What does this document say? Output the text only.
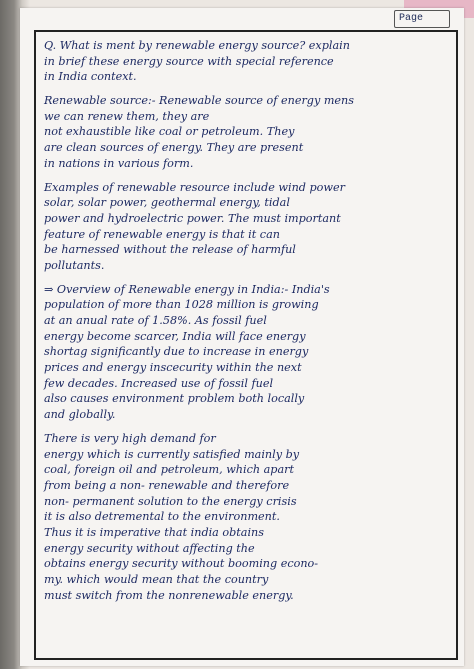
Page
Q. What is ment by renewable energy source? explain
in brief these energy source with special reference
in India context.
Renewable source:- Renewable source of energy mens
we can renew them, they are
not exhaustible like coal or petroleum. They
are clean sources of energy. They are present
in nations in various form.
Examples of renewable resource include wind power
solar, solar power, geothermal energy, tidal
power and hydroelectric power. The must important
feature of renewable energy is that it can
be harnessed without the release of harmful
pollutants.
⇒ Overview of Renewable energy in India:- India's
population of more than 1028 million is growing
at an anual rate of 1.58%. As fossil fuel
energy become scarcer, India will face energy
shortag significantly due to increase in energy
prices and energy inscecurity within the next
few decades. Increased use of fossil fuel
also causes environment problem both locally
and globally.
There is very high demand for
energy which is currently satisfied mainly by
coal, foreign oil and petroleum, which apart
from being a non- renewable and therefore
non- permanent solution to the energy crisis
it is also detremental to the environment.
Thus it is imperative that india obtains
energy security without affecting the
obtains energy security without booming econo-
my. which would mean that the country
must switch from the nonrenewable energy.
